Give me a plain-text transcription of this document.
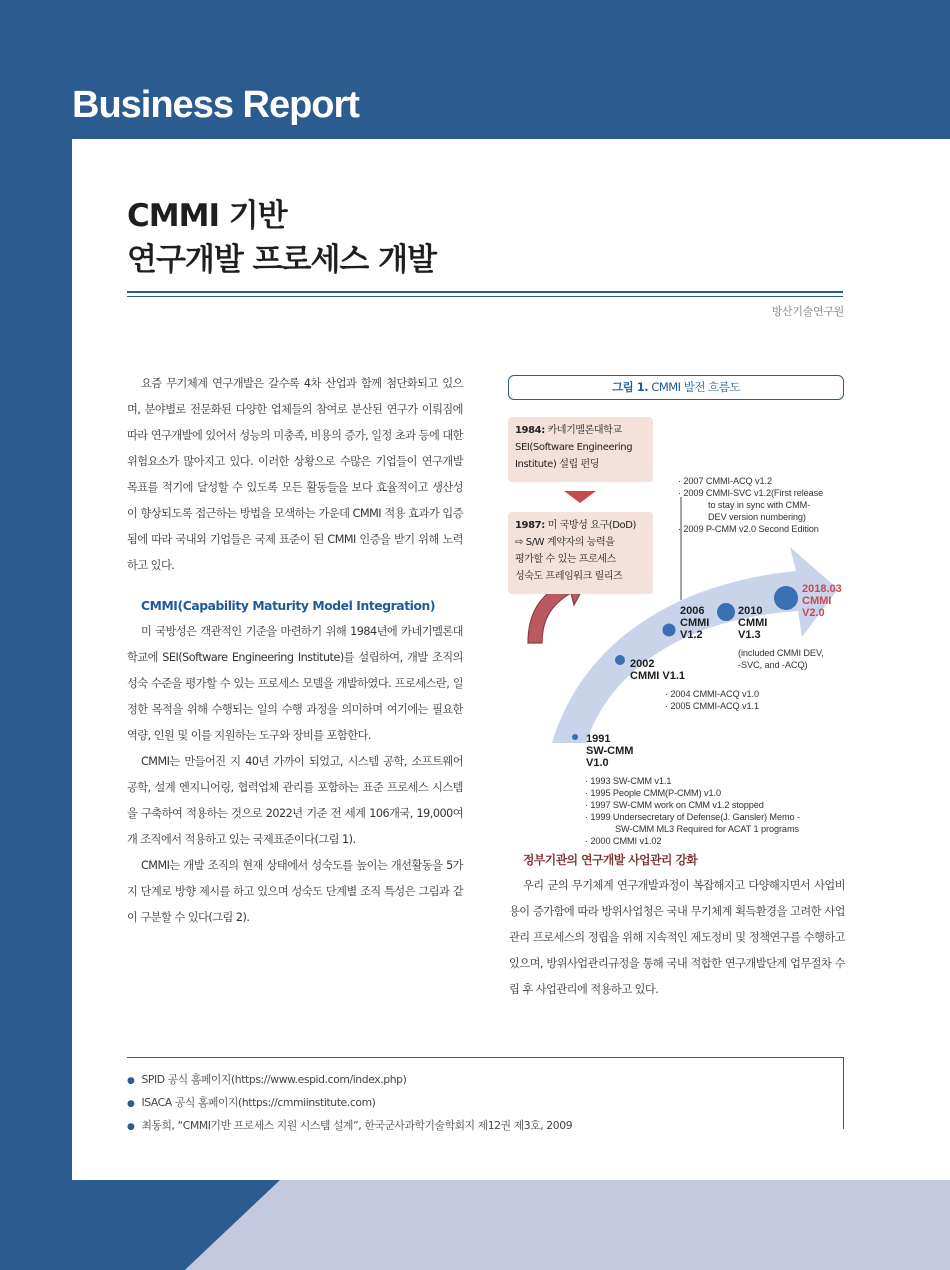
Business Report
CMMI 기반
연구개발 프로세스 개발
방산기술연구원

요즘 무기체계 연구개발은 갈수록 4차 산업과 함께 첨단화되고 있으며, 분야별로 전문화된 다양한 업체들의 참여로 분산된 연구가 이뤄짐에 따라 연구개발에 있어서 성능의 미충족, 비용의 증가, 일정 초과 등에 대한 위험요소가 많아지고 있다. 이러한 상황으로 수많은 기업들이 연구개발 목표를 적기에 달성할 수 있도록 모든 활동들을 보다 효율적이고 생산성이 향상되도록 접근하는 방법을 모색하는 가운데 CMMI 적용 효과가 입증됨에 따라 국내외 기업들은 국제 표준이 된 CMMI 인증을 받기 위해 노력하고 있다.

CMMI(Capability Maturity Model Integration)

미 국방성은 객관적인 기준을 마련하기 위해 1984년에 카네기멜론대학교에 SEI(Software Engineering Institute)를 설립하여, 개발 조직의 성숙 수준을 평가할 수 있는 프로세스 모델을 개발하였다. 프로세스란, 일정한 목적을 위해 수행되는 일의 수행 과정을 의미하며 여기에는 필요한 역량, 인원 및 이를 지원하는 도구와 장비를 포함한다.

CMMI는 만들어진 지 40년 가까이 되었고, 시스템 공학, 소프트웨어 공학, 설계 엔지니어링, 협력업체 관리를 포함하는 표준 프로세스 시스템을 구축하여 적용하는 것으로 2022년 기준 전 세계 106개국, 19,000여 개 조직에서 적용하고 있는 국제표준이다(그림 1).

CMMI는 개발 조직의 현재 상태에서 성숙도를 높이는 개선활동을 5가지 단계로 방향 제시를 하고 있으며 성숙도 단계별 조직 특성은 그림과 같이 구분할 수 있다(그림 2).

그림 1. CMMI 발전 흐름도
1984: 카네기멜론대학교
SEI(Software Engineering
Institute) 설립 펀딩
1987: 미 국방성 요구(DoD)
⇨ S/W 계약자의 능력을
평가할 수 있는 프로세스
성숙도 프레임워크 릴리즈
· 2007 CMMI-ACQ v1.2
· 2009 CMMI-SVC v1.2(First release
to stay in sync with CMM-
DEV version numbering)
· 2009 P-CMM v2.0 Second Edition
2018.03
CMMI
V2.0
2010
CMMI
V1.3
2006
CMMI
V1.2
(included CMMI DEV,
-SVC, and -ACQ)
2002
CMMI V1.1
· 2004 CMMI-ACQ v1.0
· 2005 CMMI-ACQ v1.1
1991
SW-CMM
V1.0
· 1993 SW-CMM v1.1
· 1995 People CMM(P-CMM) v1.0
· 1997 SW-CMM work on CMM v1.2 stopped
· 1999 Undersecretary of Defense(J. Gansler) Memo -
SW-CMM ML3 Required for ACAT 1 programs
· 2000 CMMI v1.02
정부기관의 연구개발 사업관리 강화

우리 군의 무기체계 연구개발과정이 복잡해지고 다양해지면서 사업비용이 증가함에 따라 방위사업청은 국내 무기체계 획득환경을 고려한 사업관리 프로세스의 정립을 위해 지속적인 제도정비 및 정책연구를 수행하고 있으며, 방위사업관리규정을 통해 국내 적합한 연구개발단계 업무절차 수립 후 사업관리에 적용하고 있다.

● SPID 공식 홈페이지(https://www.espid.com/index.php)
● ISACA 공식 홈페이지(https://cmmiinstitute.com)
● 최동희, “CMMI기반 프로세스 지원 시스템 설계”, 한국군사과학기술학회지 제12권 제3호, 2009
